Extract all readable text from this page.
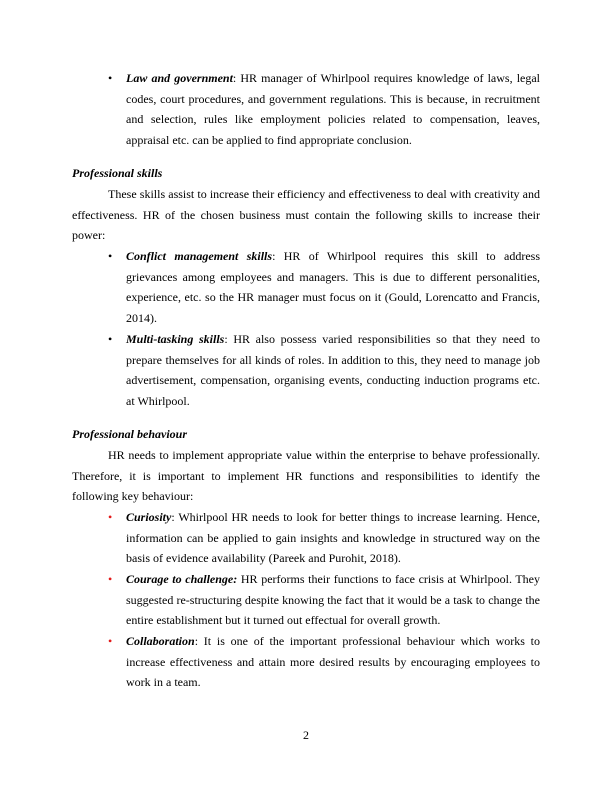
•	Law and government: HR manager of Whirlpool requires knowledge of laws, legal codes, court procedures, and government regulations. This is because, in recruitment and selection, rules like employment policies related to compensation, leaves, appraisal etc. can be applied to find appropriate conclusion.

Professional skills

These skills assist to increase their efficiency and effectiveness to deal with creativity and effectiveness. HR of the chosen business must contain the following skills to increase their power:

•	Conflict management skills: HR of Whirlpool requires this skill to address grievances among employees and managers. This is due to different personalities, experience, etc. so the HR manager must focus on it (Gould, Lorencatto and Francis, 2014).

•	Multi-tasking skills: HR also possess varied responsibilities so that they need to prepare themselves for all kinds of roles. In addition to this, they need to manage job advertisement, compensation, organising events, conducting induction programs etc. at Whirlpool.

Professional behaviour

HR needs to implement appropriate value within the enterprise to behave professionally. Therefore, it is important to implement HR functions and responsibilities to identify the following key behaviour:

•	Curiosity: Whirlpool HR needs to look for better things to increase learning. Hence, information can be applied to gain insights and knowledge in structured way on the basis of evidence availability (Pareek and Purohit, 2018).

•	Courage to challenge: HR performs their functions to face crisis at Whirlpool. They suggested re-structuring despite knowing the fact that it would be a task to change the entire establishment but it turned out effectual for overall growth.

•	Collaboration: It is one of the important professional behaviour which works to increase effectiveness and attain more desired results by encouraging employees to work in a team.

2
